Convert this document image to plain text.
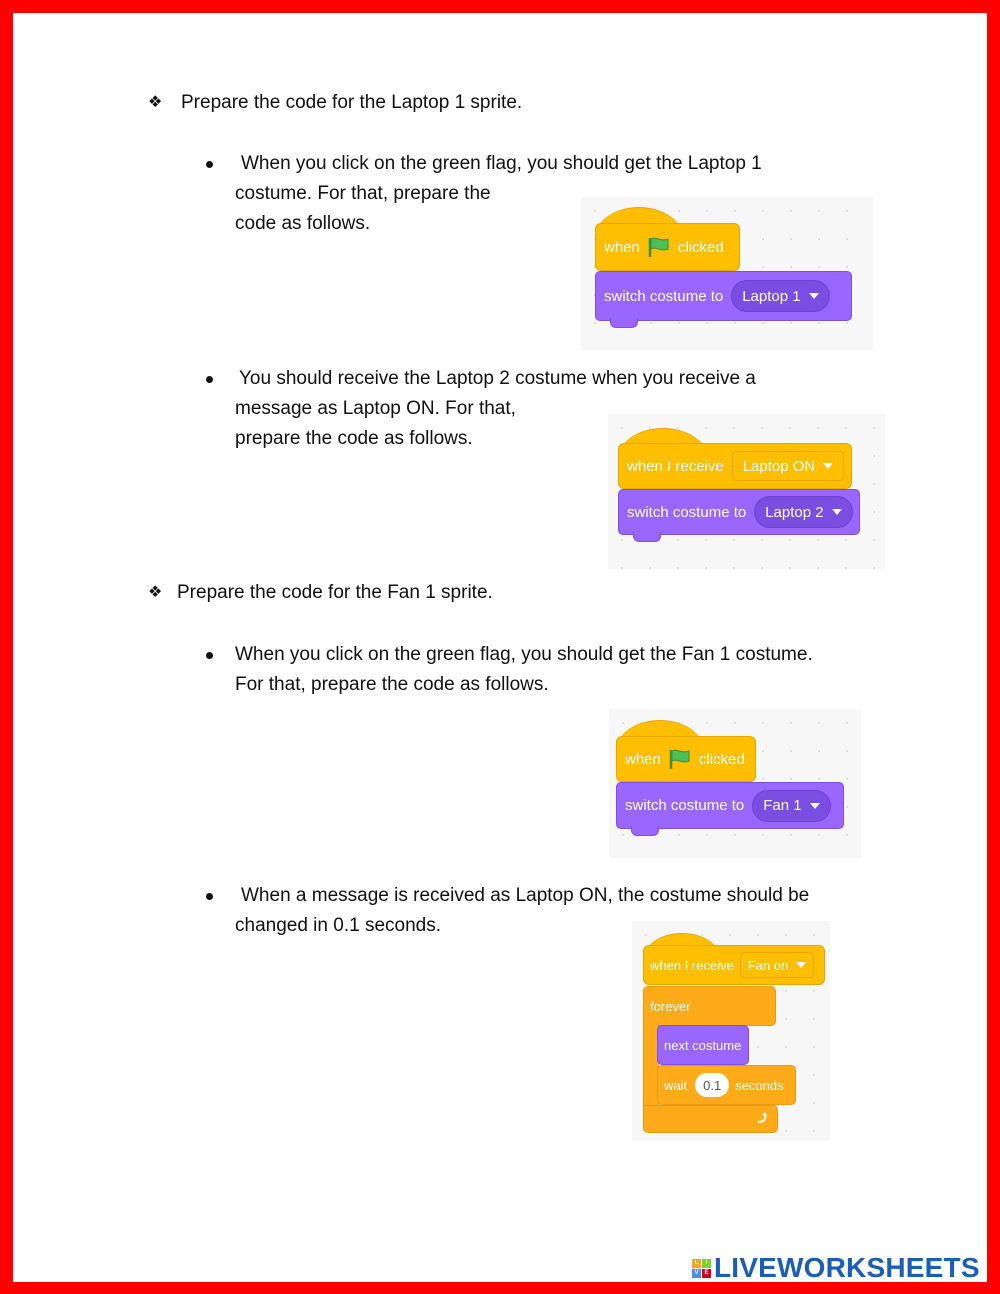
❖ Prepare the code for the Laptop 1 sprite.
When you click on the green flag, you should get the Laptop 1
costume. For that, prepare the
code as follows.
when	clicked
switch costume to Laptop 1
You should receive the Laptop 2 costume when you receive a
message as Laptop ON. For that,
prepare the code as follows.
when I receive Laptop ON
switch costume to Laptop 2
❖ Prepare the code for the Fan 1 sprite.
When you click on the green flag, you should get the Fan 1 costume.
For that, prepare the code as follows.
when	clicked
switch costume to Fan 1
When a message is received as Laptop ON, the costume should be
changed in 0.1 seconds.
when I receive Fan on
forever
next costume
wait	0.1	seconds
L	I
V E LIVEWORKSHEETS
